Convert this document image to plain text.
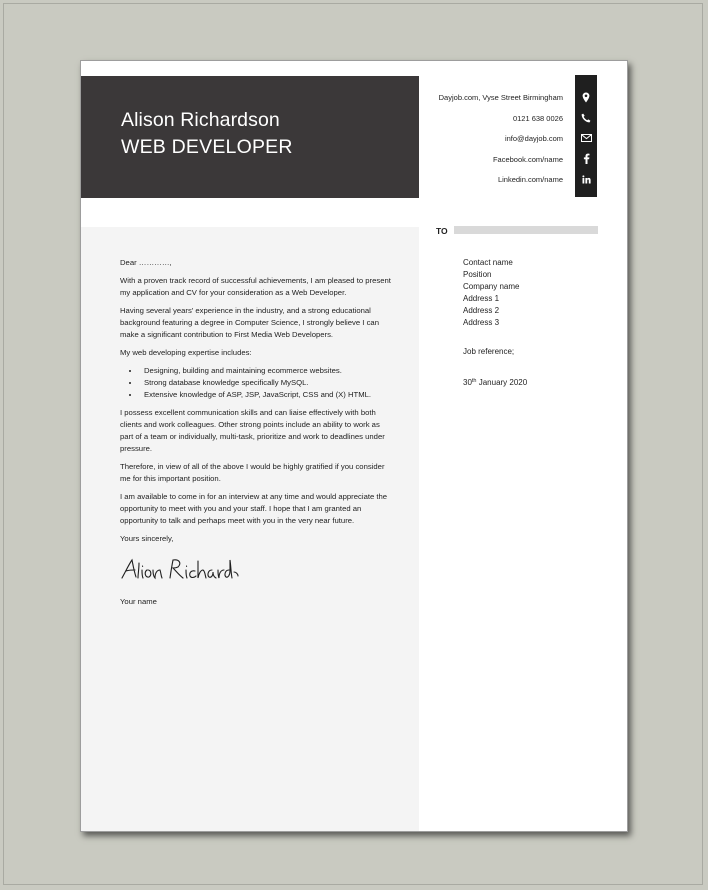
Alison Richardson
WEB DEVELOPER
Dayjob.com, Vyse Street Birmingham
0121 638 0026
info@dayjob.com
Facebook.com/name
Linkedin.com/name
TO
Contact name
Position
Company name
Address 1
Address 2
Address 3
Job reference;
30th January 2020

Dear …………,

With a proven track record of successful achievements, I am pleased to present my application and CV for your consideration as a Web Developer.

Having several years' experience in the industry, and a strong educational background featuring a degree in Computer Science, I strongly believe I can make a significant contribution to First Media Web Developers.

My web developing expertise includes:

• Designing, building and maintaining ecommerce websites.
• Strong database knowledge specifically MySQL.
• Extensive knowledge of ASP, JSP, JavaScript, CSS and (X) HTML.

I possess excellent communication skills and can liaise effectively with both clients and work colleagues. Other strong points include an ability to work as part of a team or individually, multi-task, prioritize and work to deadlines under pressure.

Therefore, in view of all of the above I would be highly gratified if you consider me for this important position.

I am available to come in for an interview at any time and would appreciate the opportunity to meet with you and your staff. I hope that I am granted an opportunity to talk and perhaps meet with you in the very near future.

Yours sincerely,

Your name
